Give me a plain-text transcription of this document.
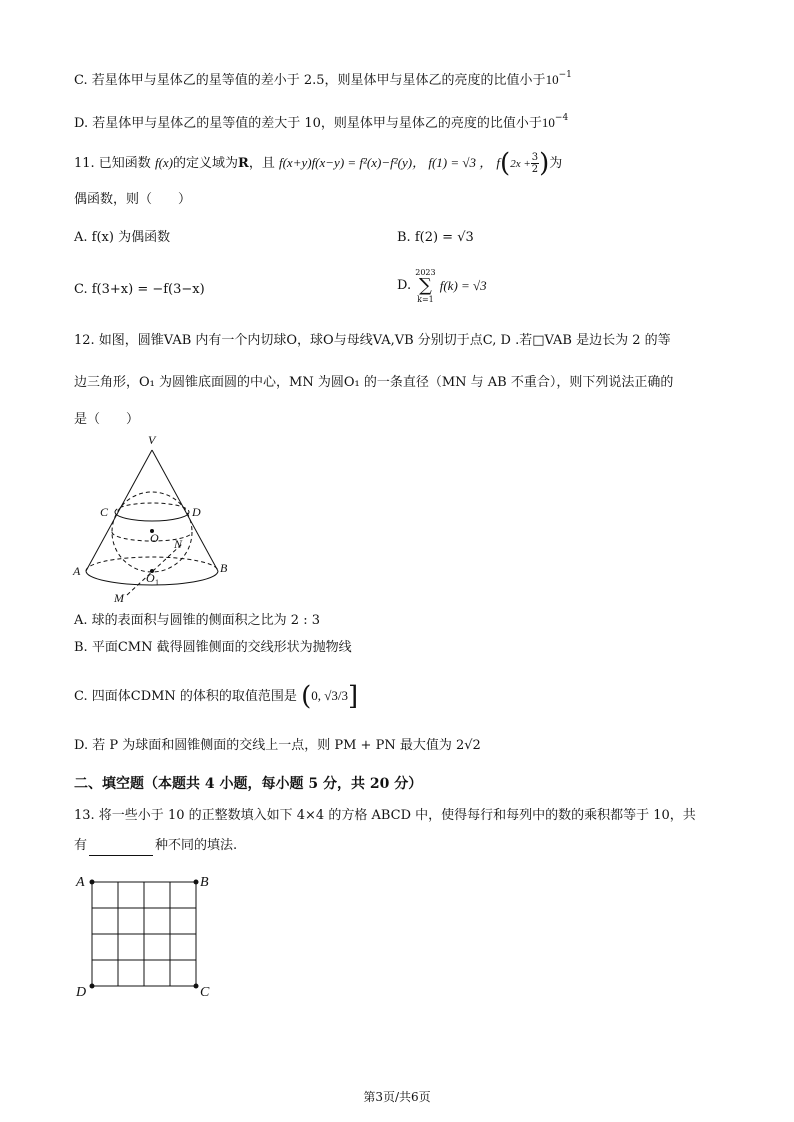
C. 若星体甲与星体乙的星等值的差小于 2.5，则星体甲与星体乙的亮度的比值小于$10^{-1}$
D. 若星体甲与星体乙的星等值的差大于 10，则星体甲与星体乙的亮度的比值小于$10^{-4}$
11. 已知函数 f(x)的定义域为R，且 f(x+y)f(x−y) = f²(x)−f²(y)， f(1) = √3 ， $f(2x + \frac{3}{2}$ )为
偶函数，则（　　）
A. f(x) 为偶函数	B. f(2) = √3
C. f(3+x) = −f(3−x)	D. 2023
∑
k=1 f(k) = √3
12. 如图，圆锥VAB 内有一个内切球O，球O与母线VA,VB 分别切于点C, D .若□VAB 是边长为 2 的等
边三角形，O₁ 为圆锥底面圆的中心，MN 为圆O₁ 的一条直径（MN 与 AB 不重合），则下列说法正确的
是（　　）
V
C	D
O N
A	B
O 1
M
A. 球的表面积与圆锥的侧面积之比为 2 : 3
B. 平面CMN 截得圆锥侧面的交线形状为抛物线
C. 四面体CDMN 的体积的取值范围是 (0, √3/3]
D. 若 P 为球面和圆锥侧面的交线上一点，则 PM + PN 最大值为 2√2
二、填空题（本题共 4 小题，每小题 5 分，共 20 分）
13. 将一些小于 10 的正整数填入如下 4×4 的方格 ABCD 中，使得每行和每列中的数的乘积都等于 10，共
有	种不同的填法.
A	B
C
D
第3页/共6页
